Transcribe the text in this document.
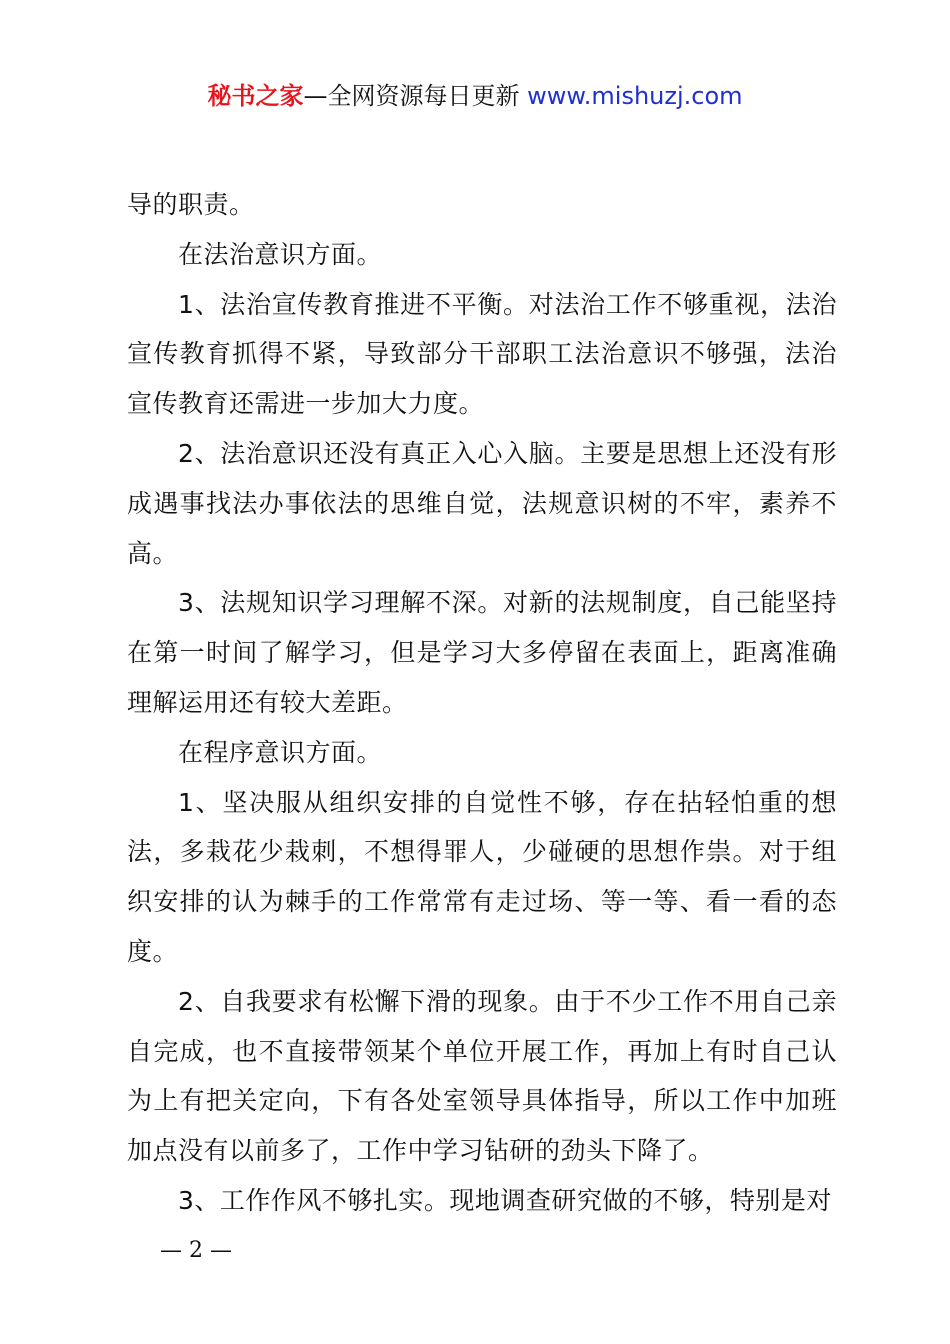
秘书之家—全网资源每日更新 www.mishuzj.com

导的职责。

在法治意识方面。

1、法治宣传教育推进不平衡。对法治工作不够重视，法治宣传教育抓得不紧，导致部分干部职工法治意识不够强，法治宣传教育还需进一步加大力度。

2、法治意识还没有真正入心入脑。主要是思想上还没有形成遇事找法办事依法的思维自觉，法规意识树的不牢，素养不高。

3、法规知识学习理解不深。对新的法规制度，自己能坚持在第一时间了解学习，但是学习大多停留在表面上，距离准确理解运用还有较大差距。

在程序意识方面。

1、坚决服从组织安排的自觉性不够，存在拈轻怕重的想法，多栽花少栽刺，不想得罪人，少碰硬的思想作祟。对于组织安排的认为棘手的工作常常有走过场、等一等、看一看的态度。

2、自我要求有松懈下滑的现象。由于不少工作不用自己亲自完成，也不直接带领某个单位开展工作，再加上有时自己认为上有把关定向，下有各处室领导具体指导，所以工作中加班加点没有以前多了，工作中学习钻研的劲头下降了。

3、工作作风不够扎实。现地调查研究做的不够，特别是对

— 2 —
